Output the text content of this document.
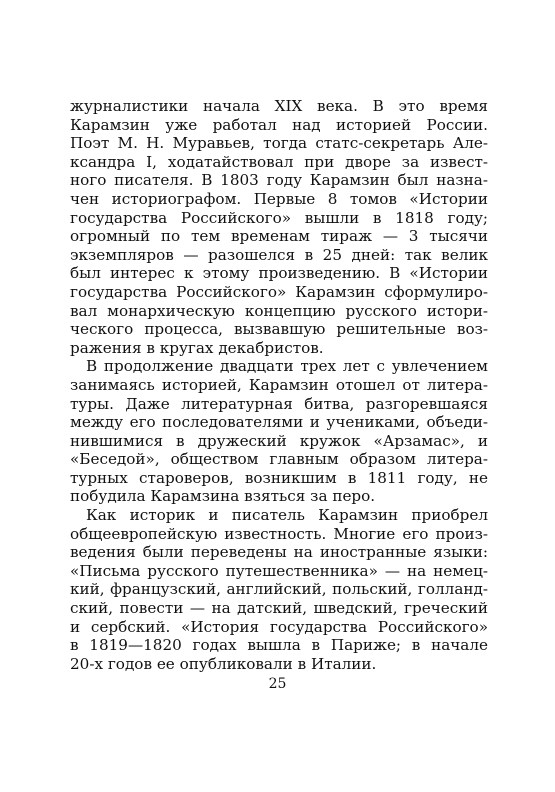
журналистики начала XIX века. В это время
Карамзин уже работал над историей России.
Поэт М. Н. Муравьев, тогда статс-секретарь Але-
ксандра I, ходатайствовал при дворе за извест-
ного писателя. В 1803 году Карамзин был назна-
чен историографом. Первые 8 томов «Истории
государства Российского» вышли в 1818 году;
огромный по тем временам тираж — 3 тысячи
экземпляров — разошелся в 25 дней: так велик
был интерес к этому произведению. В «Истории
государства Российского» Карамзин сформулиро-
вал монархическую концепцию русского истори-
ческого процесса, вызвавшую решительные воз-
ражения в кругах декабристов.
В продолжение двадцати трех лет с увлечением
занимаясь историей, Карамзин отошел от литера-
туры. Даже литературная битва, разгоревшаяся
между его последователями и учениками, объеди-
нившимися в дружеский кружок «Арзамас», и
«Беседой», обществом главным образом литера-
турных староверов, возникшим в 1811 году, не
побудила Карамзина взяться за перо.
Как историк и писатель Карамзин приобрел
общеевропейскую известность. Многие его произ-
ведения были переведены на иностранные языки:
«Письма русского путешественника» — на немец-
кий, французский, английский, польский, голланд-
ский, повести — на датский, шведский, греческий
и сербский. «История государства Российского»
в 1819—1820 годах вышла в Париже; в начале
20-х годов ее опубликовали в Италии.
25
